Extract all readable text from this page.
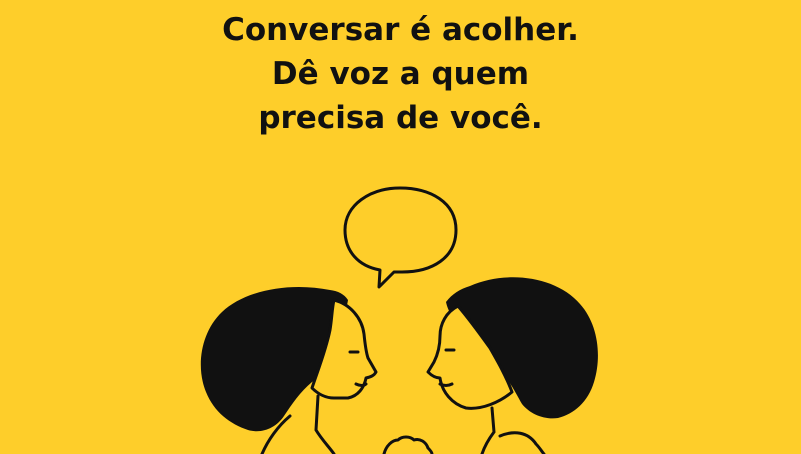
Conversar é acolher.
Dê voz a quem
precisa de você.
